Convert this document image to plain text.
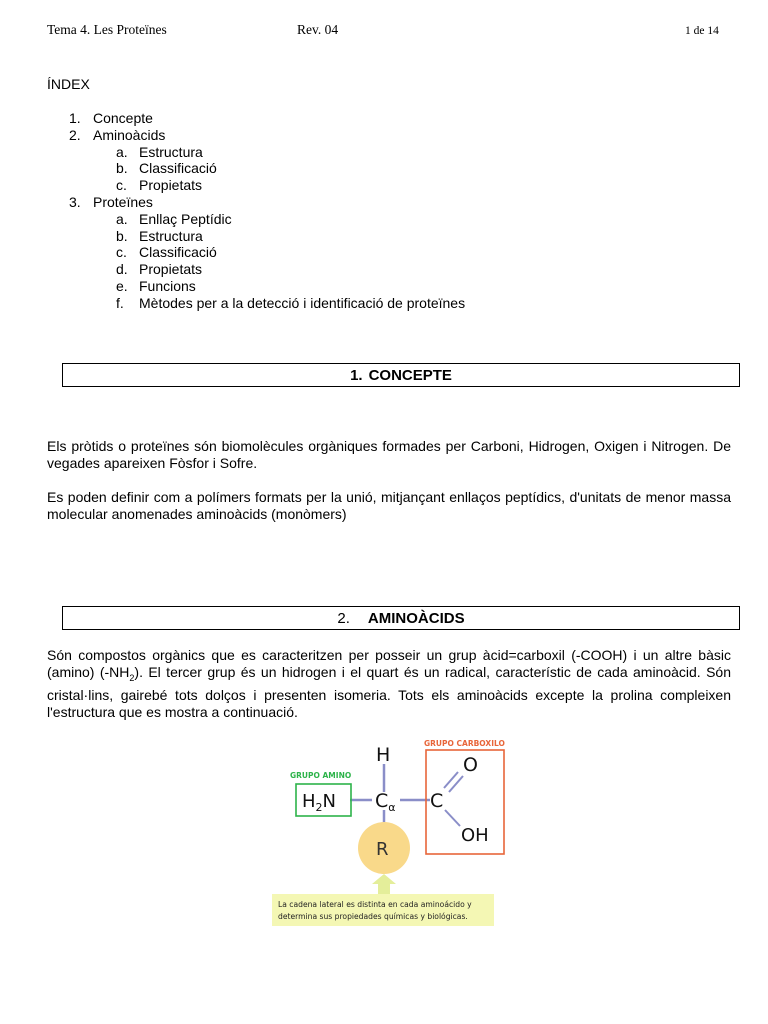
Tema 4. Les Proteïnes	Rev. 04	1 de 14
ÍNDEX
1. Concepte
2. Aminoàcids
a. Estructura
b. Classificació
c. Propietats
3. Proteïnes
a. Enllaç Peptídic
b. Estructura
c. Classificació
d. Propietats
e. Funcions
f. Mètodes per a la detecció i identificació de proteïnes
1. CONCEPTE
Els pròtids o proteïnes són biomolècules orgàniques formades per Carboni, Hidrogen, Oxigen i Nitrogen. De vegades apareixen Fòsfor i Sofre.
Es poden definir com a polímers formats per la unió, mitjançant enllaços peptídics, d'unitats de menor massa molecular anomenades aminoàcids (monòmers)
2. AMINOÀCIDS
Són compostos orgànics que es caracteritzen per posseir un grup àcid=carboxil (-COOH) i un altre bàsic (amino) $(-NH_2)$. El tercer grup és un hidrogen i el quart és un radical, característic de cada aminoàcid. Són cristal·lins, gairebé tots dolços i presenten isomeria. Tots els aminoàcids excepte la prolina compleixen l'estructura que es mostra a continuació.
GRUPO CARBOXILO
GRUPO AMINO
H
$H_2N$ $C_\alpha$ C
O
OH
R
La cadena lateral es distinta en cada aminoácido y
determina sus propiedades químicas y biológicas.
